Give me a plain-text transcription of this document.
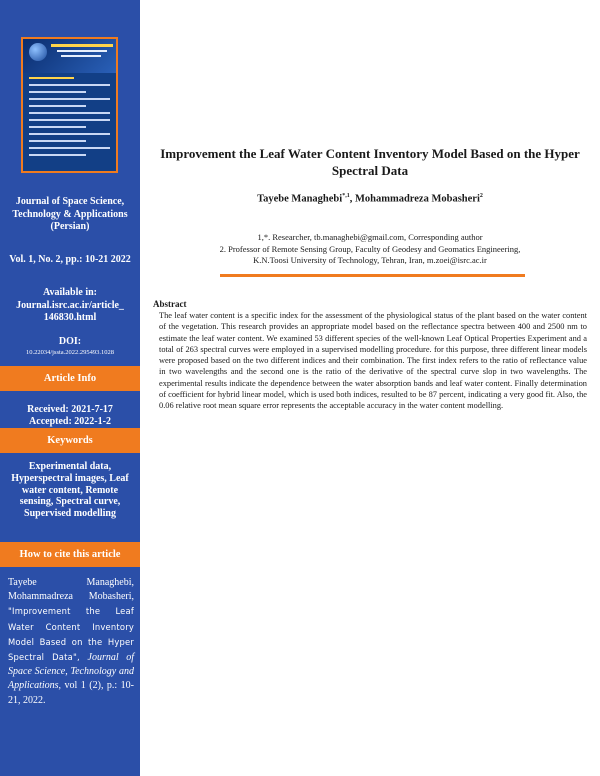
Journal of Space Science, Technology & Applications (Persian)
Vol. 1, No. 2, pp.: 10-21 2022
Available in:
Journal.isrc.ac.ir/article_ 146830.html
DOI:
10.22034/jssta.2022.295493.1028
Article Info
Received: 2021-7-17
Accepted: 2022-1-2
Keywords
Experimental data, Hyperspectral images, Leaf water content, Remote sensing, Spectral curve, Supervised modelling
How to cite this article
Tayebe Managhebi, Mohammadreza Mobasheri, "Improvement the Leaf Water Content Inventory Model Based on the Hyper Spectral Data", Journal of Space Science, Technology and Applications, vol 1 (2), p.: 10-21, 2022.
Improvement the Leaf Water Content Inventory Model Based on the Hyper Spectral Data
Tayebe Managhebi$^{*,1}$, Mohammadreza Mobasheri$^2$
1,*. Researcher, tb.managhebi@gmail.com, Corresponding author
2. Professor of Remote Sensing Group, Faculty of Geodesy and Geomatics Engineering,
K.N.Toosi University of Technology, Tehran, Iran, m.zoei@isrc.ac.ir
Abstract
The leaf water content is a specific index for the assessment of the physiological status of the plant based on the water content of the vegetation. This research provides an appropriate model based on the reflectance spectra between 400 and 2500 nm to estimate the leaf water content. We examined 53 different species of the well-known Leaf Optical Properties Experiment and a total of 263 spectral curves were employed in a supervised modelling procedure. for this purpose, three different linear models were proposed based on the two different indices and their combination. The first index refers to the ratio of reflectance value in two wavelengths and the second one is the ratio of the derivative of the spectral curve slop in two wavelengths. The experimental results indicate the dependence between the water absorption bands and leaf water content. Finally determination of coefficient for hybrid linear model, which is used both indices, resulted to be 87 percent, indicating a very good fit. Also, the 0.06 relative root mean square error represents the acceptable accuracy in the water content modelling.
